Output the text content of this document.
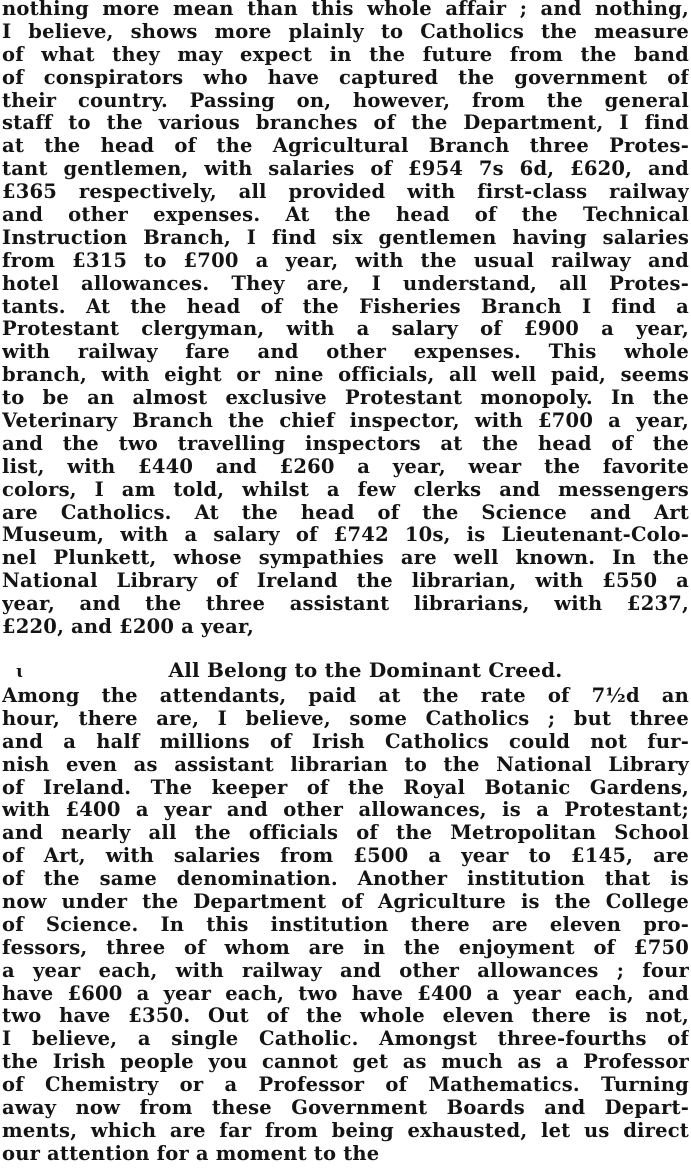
nothing more mean than this whole affair ; and nothing,
I believe, shows more plainly to Catholics the measure
of what they may expect in the future from the band
of conspirators who have captured the government of
their country. Passing on, however, from the general
staff to the various branches of the Department, I find
at the head of the Agricultural Branch three Protes-
tant gentlemen, with salaries of £954 7s 6d, £620, and
£365 respectively, all provided with first-class railway
and other expenses. At the head of the Technical
Instruction Branch, I find six gentlemen having salaries
from £315 to £700 a year, with the usual railway and
hotel allowances. They are, I understand, all Protes-
tants. At the head of the Fisheries Branch I find a
Protestant clergyman, with a salary of £900 a year,
with railway fare and other expenses. This whole
branch, with eight or nine officials, all well paid, seems
to be an almost exclusive Protestant monopoly. In the
Veterinary Branch the chief inspector, with £700 a year,
and the two travelling inspectors at the head of the
list, with £440 and £260 a year, wear the favorite
colors, I am told, whilst a few clerks and messengers
are Catholics. At the head of the Science and Art
Museum, with a salary of £742 10s, is Lieutenant-Colo-
nel Plunkett, whose sympathies are well known. In the
National Library of Ireland the librarian, with £550 a
year, and the three assistant librarians, with £237,
£220, and £200 a year,
ɩ	All Belong to the Dominant Creed.
Among the attendants, paid at the rate of 7½d an
hour, there are, I believe, some Catholics ; but three
and a half millions of Irish Catholics could not fur-
nish even as assistant librarian to the National Library
of Ireland. The keeper of the Royal Botanic Gardens,
with £400 a year and other allowances, is a Protestant;
and nearly all the officials of the Metropolitan School
of Art, with salaries from £500 a year to £145, are
of the same denomination. Another institution that is
now under the Department of Agriculture is the College
of Science. In this institution there are eleven pro-
fessors, three of whom are in the enjoyment of £750
a year each, with railway and other allowances ; four
have £600 a year each, two have £400 a year each, and
two have £350. Out of the whole eleven there is not,
I believe, a single Catholic. Amongst three-fourths of
the Irish people you cannot get as much as a Professor
of Chemistry or a Professor of Mathematics. Turning
away now from these Government Boards and Depart-
ments, which are far from being exhausted, let us direct
our attention for a moment to the
